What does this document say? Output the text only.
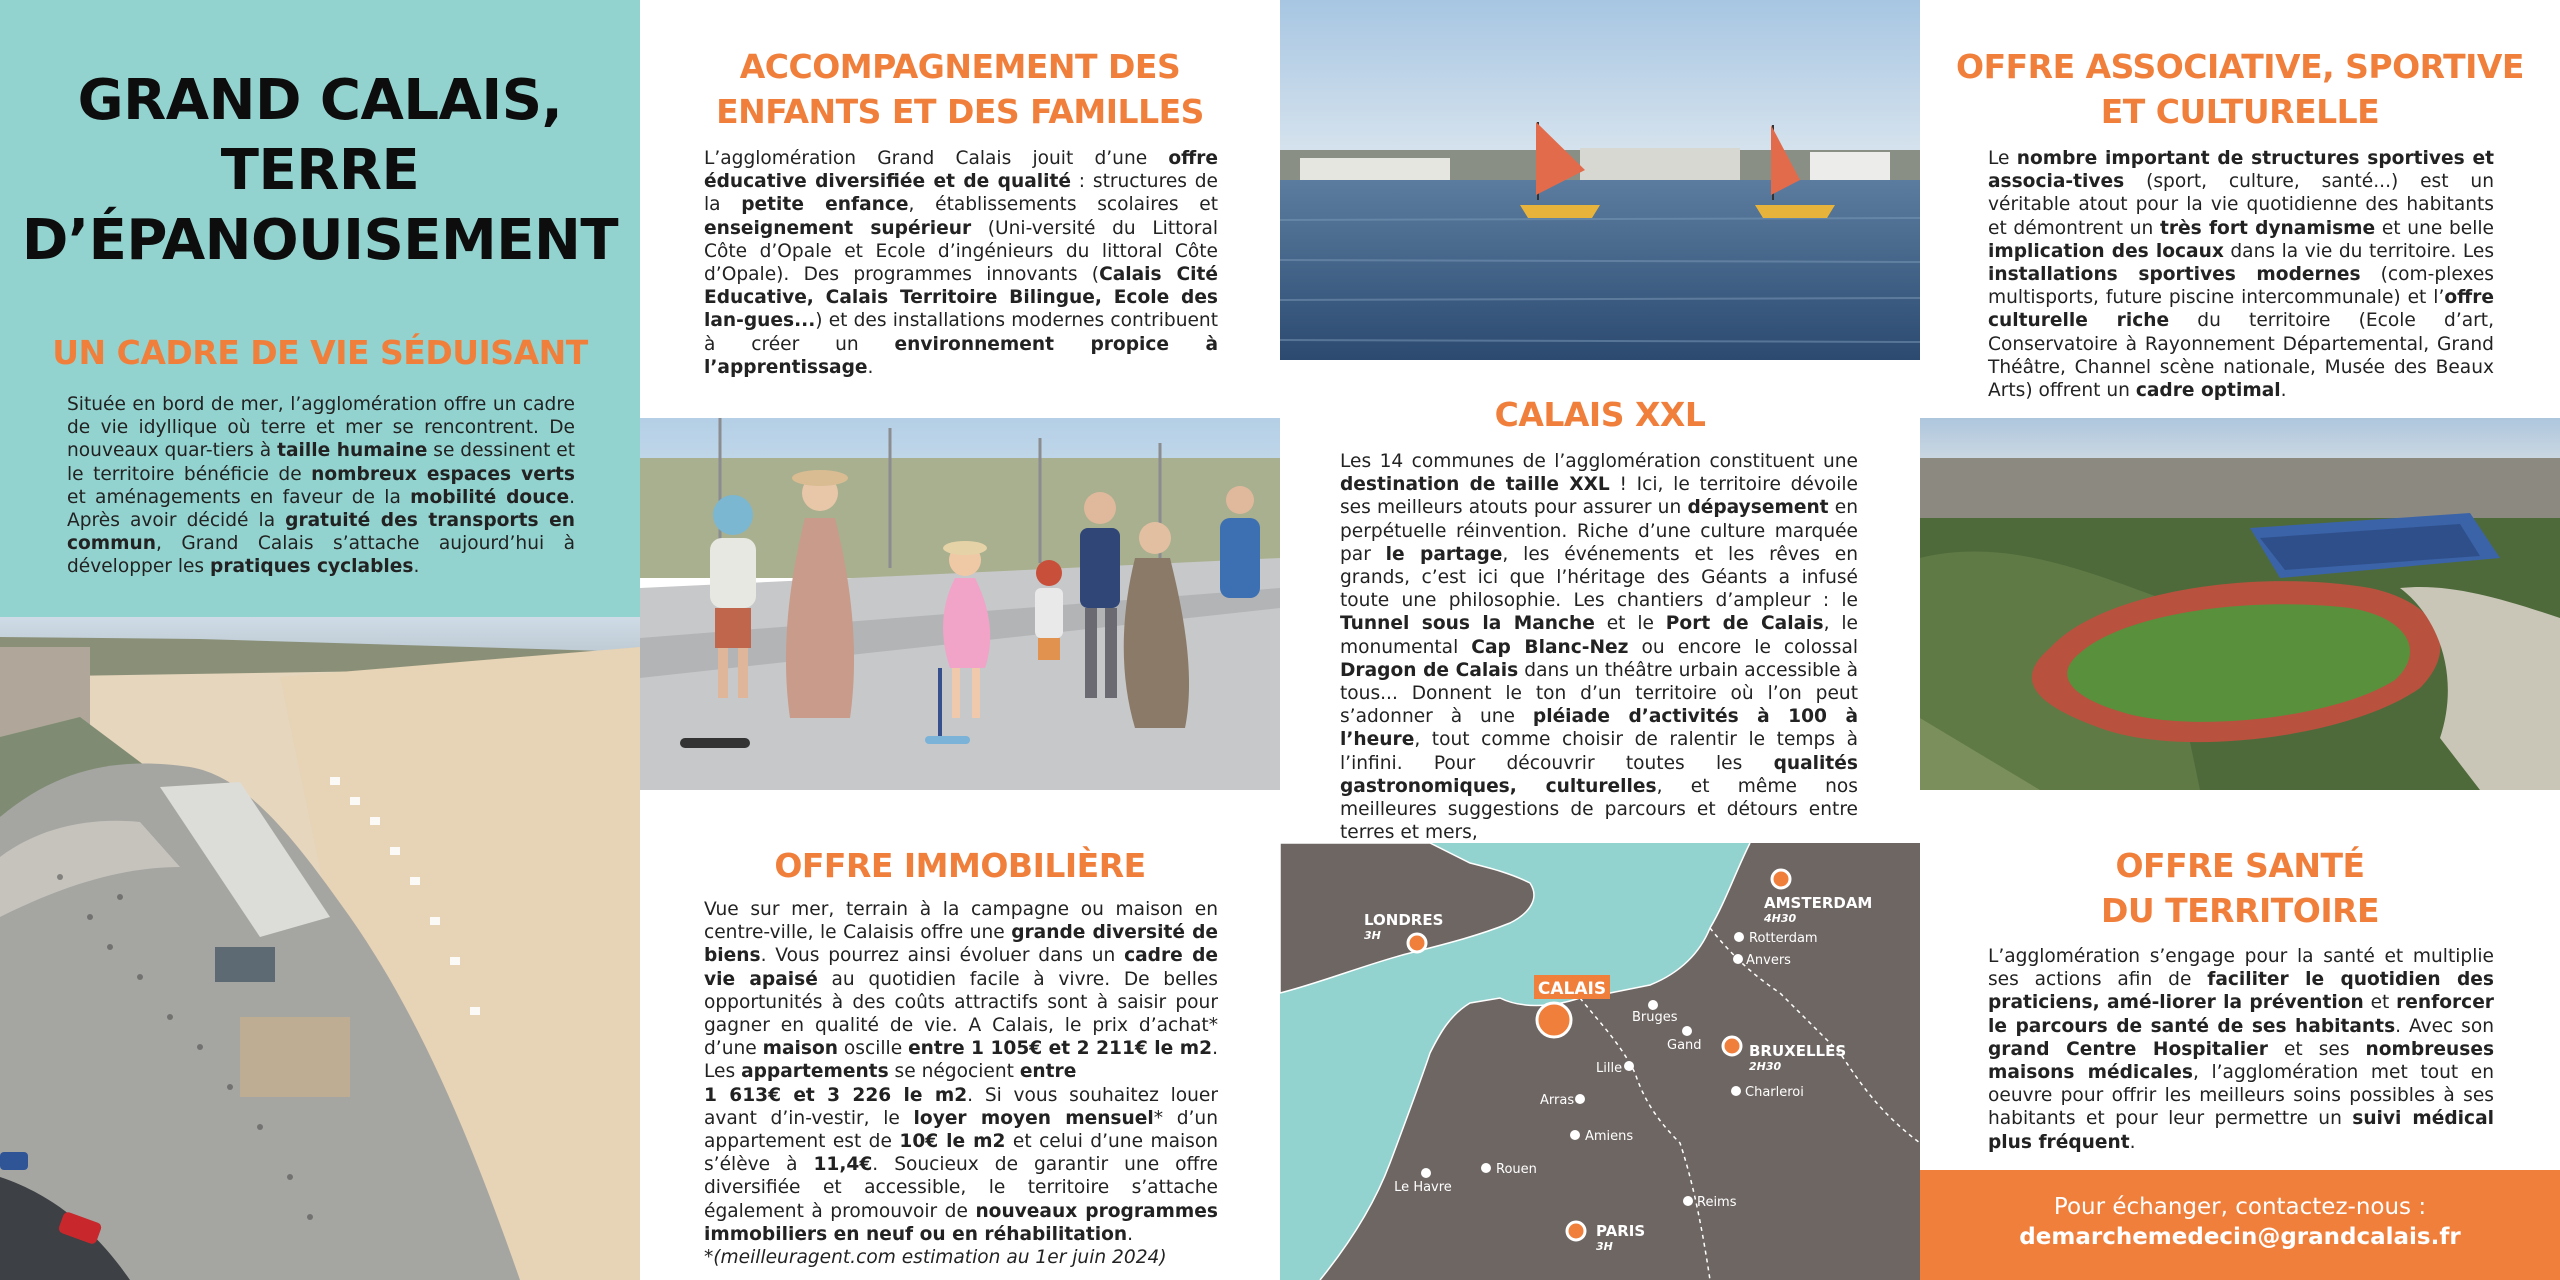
GRAND CALAIS,
TERRE
D’ÉPANOUISEMENT
UN CADRE DE VIE SÉDUISANT

Située en bord de mer, l’agglomération offre un cadre de vie idyllique où terre et mer se rencontrent. De nouveaux quar-tiers à taille humaine se dessinent et le territoire bénéficie de nombreux espaces verts et aménagements en faveur de la mobilité douce. Après avoir décidé la gratuité des transports en commun, Grand Calais s’attache aujourd’hui à développer les pratiques cyclables.

ACCOMPAGNEMENT DES
ENFANTS ET DES FAMILLES

L’agglomération Grand Calais jouit d’une offre éducative diversifiée et de qualité : structures de la petite enfance, établissements scolaires et enseignement supérieur (Uni-versité du Littoral Côte d’Opale et Ecole d’ingénieurs du littoral Côte d’Opale). Des programmes innovants (Calais Cité Educative, Calais Territoire Bilingue, Ecole des lan-gues...) et des installations modernes contribuent à créer un environnement propice à l’apprentissage.

OFFRE IMMOBILIÈRE

Vue sur mer, terrain à la campagne ou maison en centre-ville, le Calaisis offre une grande diversité de biens. Vous pourrez ainsi évoluer dans un cadre de vie apaisé au quotidien facile à vivre. De belles opportunités à des coûts attractifs sont à saisir pour gagner en qualité de vie. A Calais, le prix d’achat* d’une maison oscille entre 1 105€ et 2 211€ le m2.

Les appartements se négocient entre

1 613€ et 3 226 le m2. Si vous souhaitez louer avant d’in-vestir, le loyer moyen mensuel* d’un appartement est de 10€ le m2 et celui d’une maison s’élève à 11,4€. Soucieux de garantir une offre diversifiée et accessible, le territoire s’attache également à promouvoir de nouveaux programmes immobiliers en neuf ou en réhabilitation.

*(meilleuragent.com estimation au 1er juin 2024)

CALAIS XXL

Les 14 communes de l’agglomération constituent une destination de taille XXL ! Ici, le territoire dévoile ses meilleurs atouts pour assurer un dépaysement en perpétuelle réinvention. Riche d’une culture marquée par le partage, les événements et les rêves en grands, c’est ici que l’héritage des Géants a infusé toute une philosophie. Les chantiers d’ampleur : le Tunnel sous la Manche et le Port de Calais, le monumental Cap Blanc-Nez ou encore le colossal Dragon de Calais dans un théâtre urbain accessible à tous... Donnent le ton d’un territoire où l’on peut s’adonner à une pléiade d’activités à 100 à l’heure, tout comme choisir de ralentir le temps à l’infini. Pour découvrir toutes les qualités gastronomiques, culturelles, et même nos meilleures suggestions de parcours et détours entre terres et mers,

CALAIS
LONDRES
AMSTERDAM
BRUXELLES
PARIS
3H
4H30
2H30
3H
Rotterdam
Anvers
Bruges
Gand
Lille
Charleroi
Arras
Amiens
Rouen
Le Havre
Reims
OFFRE ASSOCIATIVE, SPORTIVE
ET CULTURELLE

Le nombre important de structures sportives et associa-tives (sport, culture, santé...) est un véritable atout pour la vie quotidienne des habitants et démontrent un très fort dynamisme et une belle implication des locaux dans la vie du territoire. Les installations sportives modernes (com-plexes multisports, future piscine intercommunale) et l’offre culturelle riche du territoire (Ecole d’art, Conservatoire à Rayonnement Départemental, Grand Théâtre, Channel scène nationale, Musée des Beaux Arts) offrent un cadre optimal.

OFFRE SANTÉ
DU TERRITOIRE

L’agglomération s’engage pour la santé et multiplie ses actions afin de faciliter le quotidien des praticiens, amé-liorer la prévention et renforcer le parcours de santé de ses habitants. Avec son grand Centre Hospitalier et ses nombreuses maisons médicales, l’agglomération met tout en oeuvre pour offrir les meilleurs soins possibles à ses habitants et pour leur permettre un suivi médical plus fréquent.

Pour échanger, contactez-nous :
demarchemedecin@grandcalais.fr
